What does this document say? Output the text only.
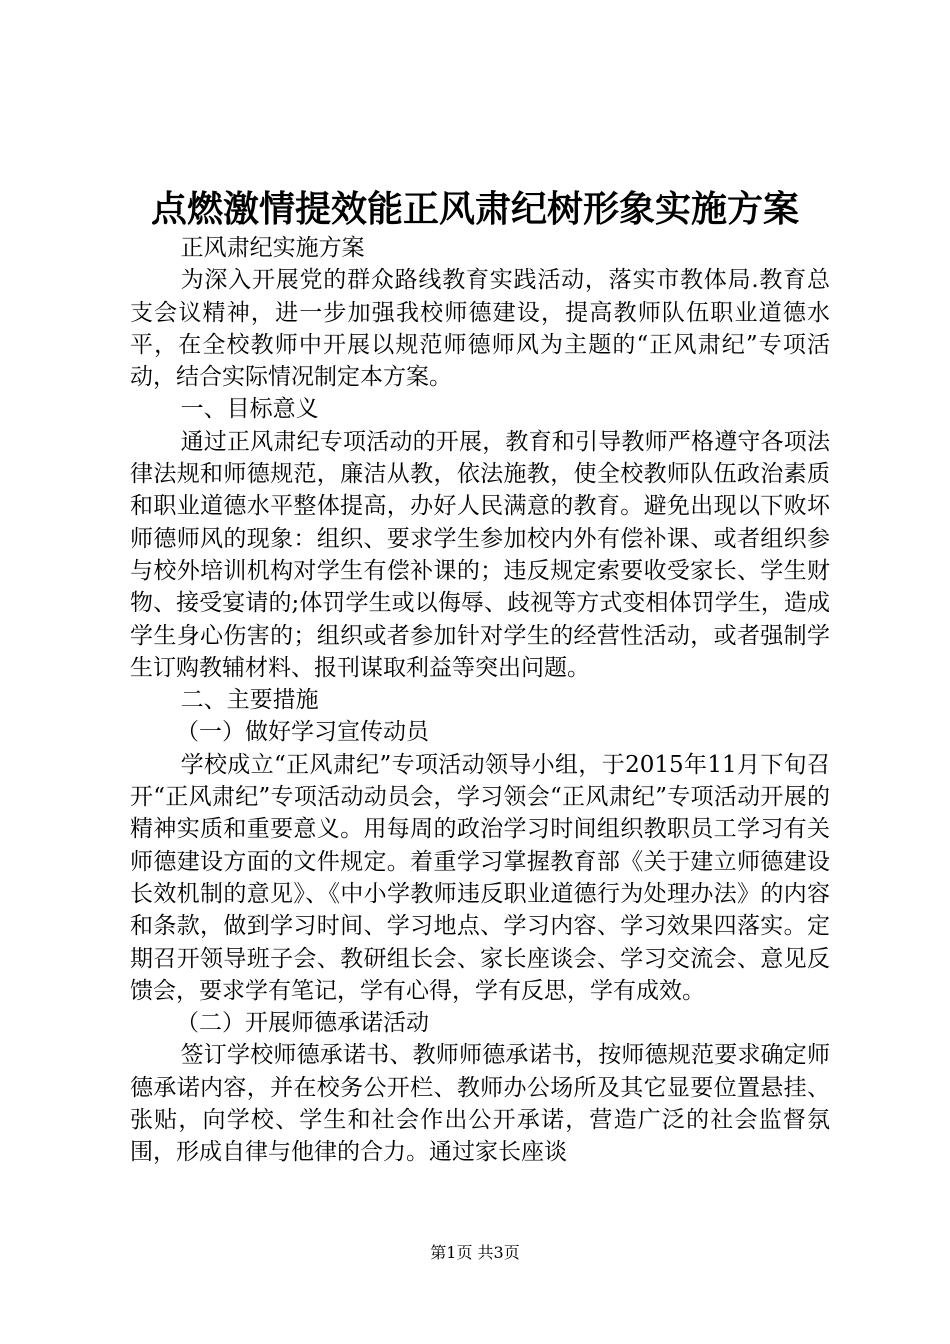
点燃激情提效能正风肃纪树形象实施方案

正风肃纪实施方案

为深入开展党的群众路线教育实践活动，落实市教体局.教育总支会议精神，进一步加强我校师德建设，提高教师队伍职业道德水平，在全校教师中开展以规范师德师风为主题的“正风肃纪”专项活动，结合实际情况制定本方案。

一、目标意义

通过正风肃纪专项活动的开展，教育和引导教师严格遵守各项法律法规和师德规范，廉洁从教，依法施教，使全校教师队伍政治素质和职业道德水平整体提高，办好人民满意的教育。避免出现以下败坏师德师风的现象：组织、要求学生参加校内外有偿补课、或者组织参与校外培训机构对学生有偿补课的；违反规定索要收受家长、学生财物、接受宴请的;体罚学生或以侮辱、歧视等方式变相体罚学生，造成学生身心伤害的；组织或者参加针对学生的经营性活动，或者强制学生订购教辅材料、报刊谋取利益等突出问题。

二、主要措施

（一）做好学习宣传动员

学校成立“正风肃纪”专项活动领导小组，于2015年11月下旬召开“正风肃纪”专项活动动员会，学习领会“正风肃纪”专项活动开展的精神实质和重要意义。用每周的政治学习时间组织教职员工学习有关师德建设方面的文件规定。着重学习掌握教育部《关于建立师德建设长效机制的意见》、《中小学教师违反职业道德行为处理办法》的内容和条款，做到学习时间、学习地点、学习内容、学习效果四落实。定期召开领导班子会、教研组长会、家长座谈会、学习交流会、意见反馈会，要求学有笔记，学有心得，学有反思，学有成效。

（二）开展师德承诺活动

签订学校师德承诺书、教师师德承诺书，按师德规范要求确定师德承诺内容，并在校务公开栏、教师办公场所及其它显要位置悬挂、张贴，向学校、学生和社会作出公开承诺，营造广泛的社会监督氛围，形成自律与他律的合力。通过家长座谈

第1页 共3页
